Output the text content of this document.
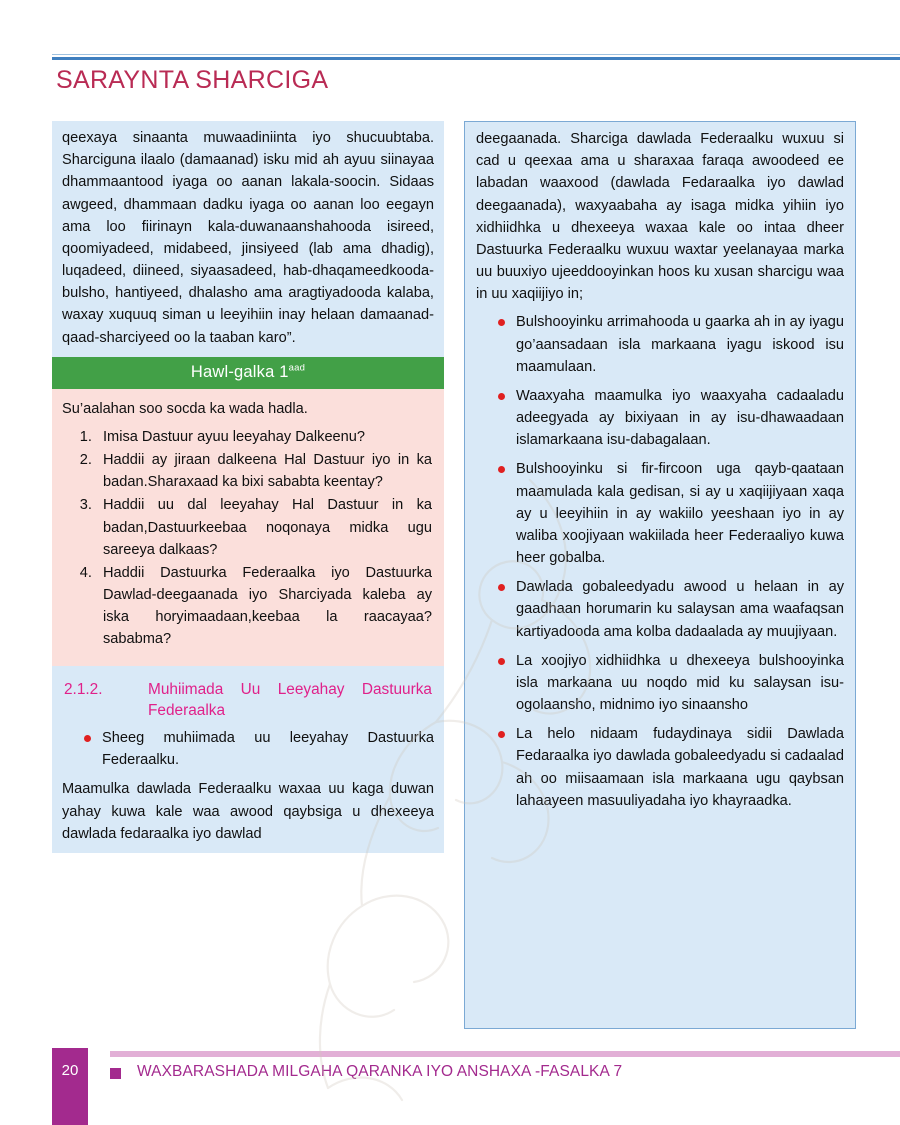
SARAYNTA SHARCIGA

qeexaya sinaanta muwaadiniinta iyo shucuubtaba. Sharciguna ilaalo (damaanad) isku mid ah ayuu siinayaa dhammaantood iyaga oo aanan lakala-soocin. Sidaas awgeed, dhammaan dadku iyaga oo aanan loo eegayn ama loo fiirinayn kala-duwanaanshahooda isireed, qoomiyadeed, midabeed, jinsiyeed (lab ama dhadig), luqadeed, diineed, siyaasadeed, hab-dhaqameedkooda-bulsho, hantiyeed, dhalasho ama aragtiyadooda kalaba, waxay xuquuq siman u leeyihiin inay helaan damaanad-qaad-sharciyeed oo la taaban karo”.

Hawl-galka $1^{aad}$

Su’aalahan soo socda ka wada hadla.

1. Imisa Dastuur ayuu leeyahay Dalkeenu?
2. Haddii ay jiraan dalkeena Hal Dastuur iyo in ka badan.Sharaxaad ka bixi sababta keentay?
3. Haddii uu dal leeyahay Hal Dastuur in ka badan,Dastuurkeebaa noqonaya midka ugu sareeya dalkaas?
4. Haddii Dastuurka Federaalka iyo Dastuurka Dawlad-deegaanada iyo Sharciyada kaleba ay iska horyimaadaan,keebaa la raacayaa?sababma?
2.1.2.	Muhiimada Uu Leeyahay Dastuurka Federaalka
Sheeg muhiimada uu leeyahay Dastuurka Federaalku.

Maamulka dawlada Federaalku waxaa uu kaga duwan yahay kuwa kale waa awood qaybsiga u dhexeeya dawlada fedaraalka iyo dawlad

deegaanada. Sharciga dawlada Federaalku wuxuu si cad u qeexaa ama u sharaxaa faraqa awoodeed ee labadan waaxood (dawlada Fedaraalka iyo dawlad deegaanada), waxyaabaha ay isaga midka yihiin iyo xidhiidhka u dhexeeya waxaa kale oo intaa dheer Dastuurka Federaalku wuxuu waxtar yeelanayaa marka uu buuxiyo ujeeddooyinkan hoos ku xusan sharcigu waa in uu xaqiijiyo in;

Bulshooyinku arrimahooda u gaarka ah in ay iyagu go’aansadaan isla markaana iyagu iskood isu maamulaan.
Waaxyaha maamulka iyo waaxyaha cadaaladu adeegyada ay bixiyaan in ay isu-dhawaadaan islamarkaana isu-dabagalaan.
Bulshooyinku si fir-fircoon uga qayb-qaataan maamulada kala gedisan, si ay u xaqiijiyaan xaqa ay u leeyihiin in ay wakiilo yeeshaan iyo in ay waliba xoojiyaan wakiilada heer Federaaliyo kuwa heer gobalba.
Dawlada gobaleedyadu awood u helaan in ay gaadhaan horumarin ku salaysan ama waafaqsan kartiyadooda ama kolba dadaalada ay muujiyaan.
La xoojiyo xidhiidhka u dhexeeya bulshooyinka isla markaana uu noqdo mid ku salaysan isu-ogolaansho, midnimo iyo sinaansho
La helo nidaam fudaydinaya sidii Dawlada Fedaraalka iyo dawlada gobaleedyadu si cadaalad ah oo miisaamaan isla markaana ugu qaybsan lahaayeen masuuliyadaha iyo khayraadka.
20	WAXBARASHADA MILGAHA QARANKA IYO ANSHAXA -FASALKA 7
